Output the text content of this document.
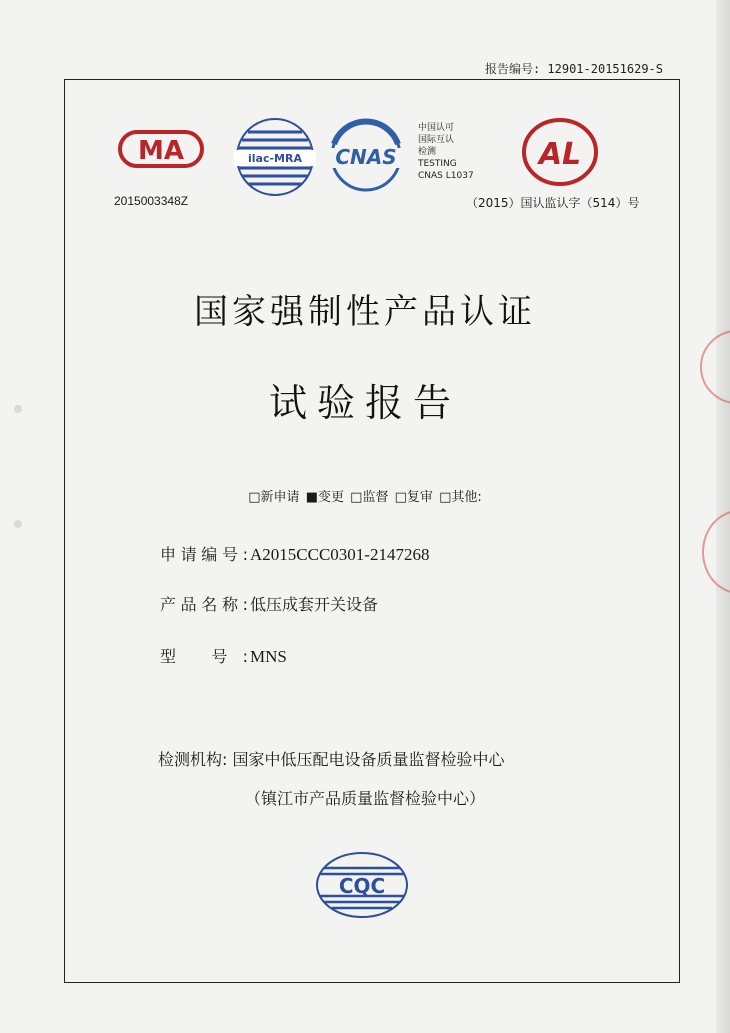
报告编号: 12901-20151629-S
MA
2015003348Z
ilac-MRA CNAS
中国认可
国际互认
检测
TESTING
CNAS L1037
AL
（2015）国认监认字（514）号
国家强制性产品认证
试验报告
□新申请 ■变更 □监督 □复审 □其他:
申请编号: A2015CCC0301-2147268
产品名称: 低压成套开关设备
型 号: MNS
检测机构: 国家中低压配电设备质量监督检验中心
（镇江市产品质量监督检验中心）
CQC
